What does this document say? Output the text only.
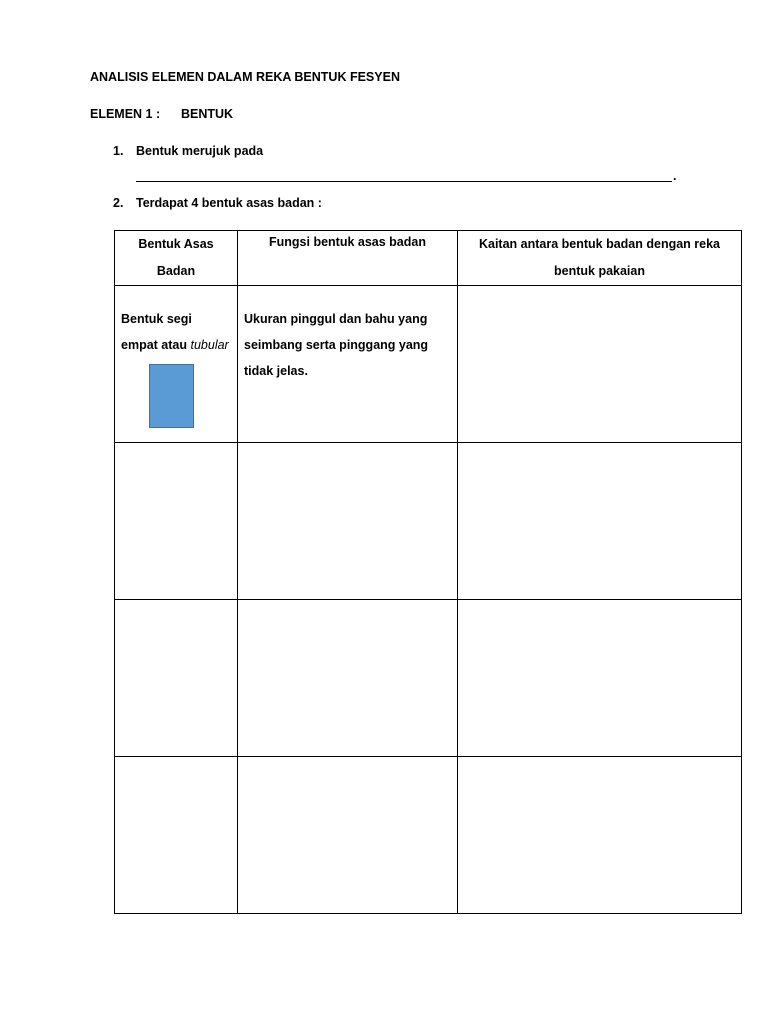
ANALISIS ELEMEN DALAM REKA BENTUK FESYEN
ELEMEN 1 : BENTUK
1. Bentuk merujuk pada
.
2. Terdapat 4 bentuk asas badan :
Bentuk Asas Badan	Fungsi bentuk asas badan	Kaitan antara bentuk badan dengan reka bentuk pakaian

Bentuk segi empat atau tubular	Ukuran pinggul dan bahu yang seimbang serta pinggang yang tidak jelas.	
